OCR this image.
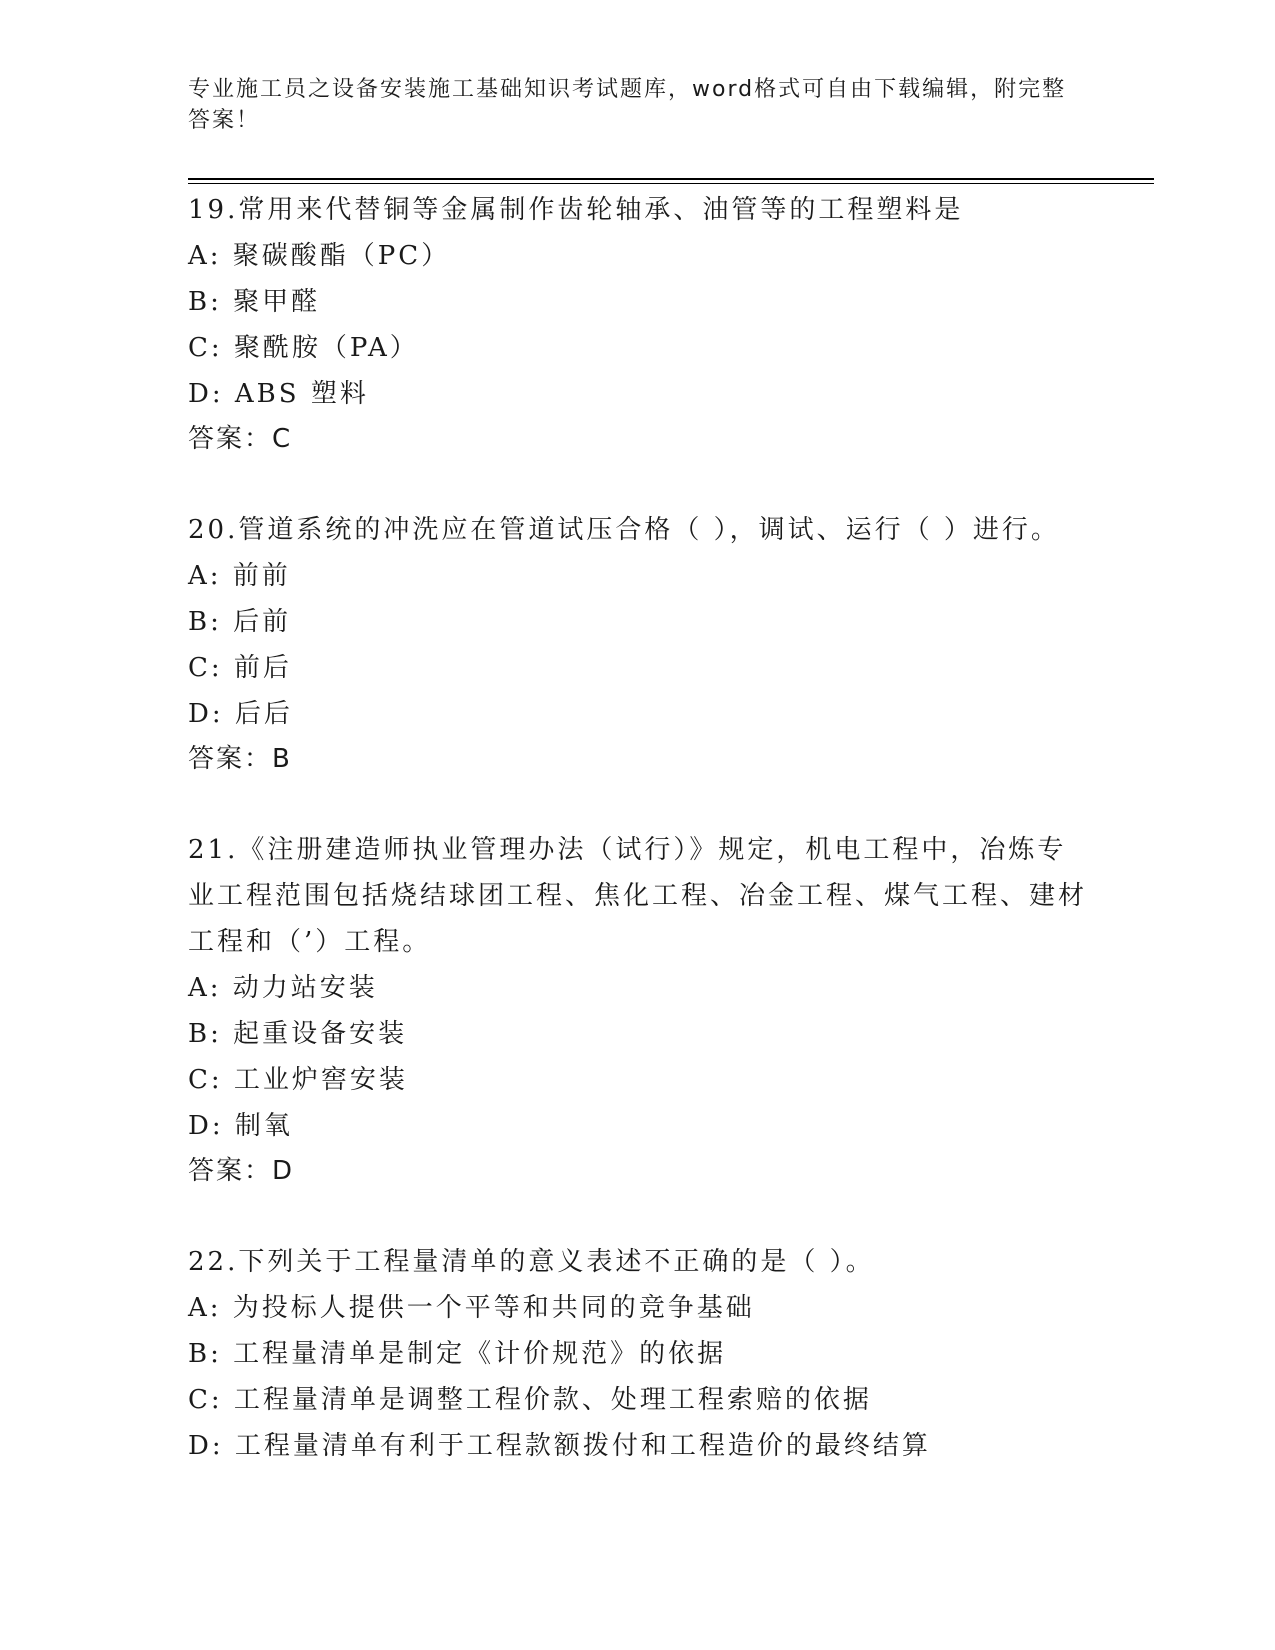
专业施工员之设备安装施工基础知识考试题库，word格式可自由下载编辑，附完整答案！
19.常用来代替铜等金属制作齿轮轴承、油管等的工程塑料是
A: 聚碳酸酯（PC）
B: 聚甲醛
C: 聚酰胺（PA）
D: ABS 塑料
答案：C
20.管道系统的冲洗应在管道试压合格（ ），调试、运行（ ）进行。
A: 前前
B: 后前
C: 前后
D: 后后
答案：B
21.《注册建造师执业管理办法（试行）》规定，机电工程中，冶炼专业工程范围包括烧结球团工程、焦化工程、冶金工程、煤气工程、建材工程和（’）工程。
A: 动力站安装
B: 起重设备安装
C: 工业炉窖安装
D: 制氧
答案：D
22.下列关于工程量清单的意义表述不正确的是（ ）。
A: 为投标人提供一个平等和共同的竞争基础
B: 工程量清单是制定《计价规范》的依据
C: 工程量清单是调整工程价款、处理工程索赔的依据
D: 工程量清单有利于工程款额拨付和工程造价的最终结算
